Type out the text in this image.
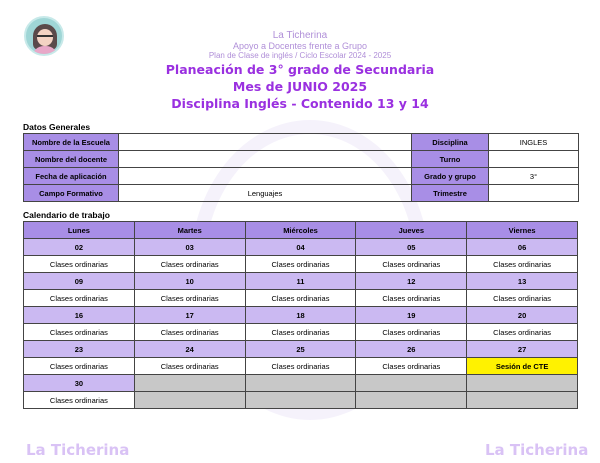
La Ticherina
Apoyo a Docentes frente a Grupo
Plan de Clase de inglés / Ciclo Escolar 2024 - 2025
Planeación de 3° grado de Secundaria
Mes de JUNIO 2025
Disciplina Inglés - Contenido 13 y 14
Datos Generales
Nombre de la Escuela		Disciplina	INGLES
Nombre del docente		Turno	
Fecha de aplicación		Grado y grupo	3°
Campo Formativo	Lenguajes	Trimestre	
Calendario de trabajo
Lunes	Martes	Miércoles	Jueves	Viernes
02	03	04	05	06
Clases ordinarias	Clases ordinarias	Clases ordinarias	Clases ordinarias	Clases ordinarias
09	10	11	12	13
Clases ordinarias	Clases ordinarias	Clases ordinarias	Clases ordinarias	Clases ordinarias
16	17	18	19	20
Clases ordinarias	Clases ordinarias	Clases ordinarias	Clases ordinarias	Clases ordinarias
23	24	25	26	27
Clases ordinarias	Clases ordinarias	Clases ordinarias	Clases ordinarias	Sesión de CTE
30				
Clases ordinarias				
La Ticherina	La Ticherina
